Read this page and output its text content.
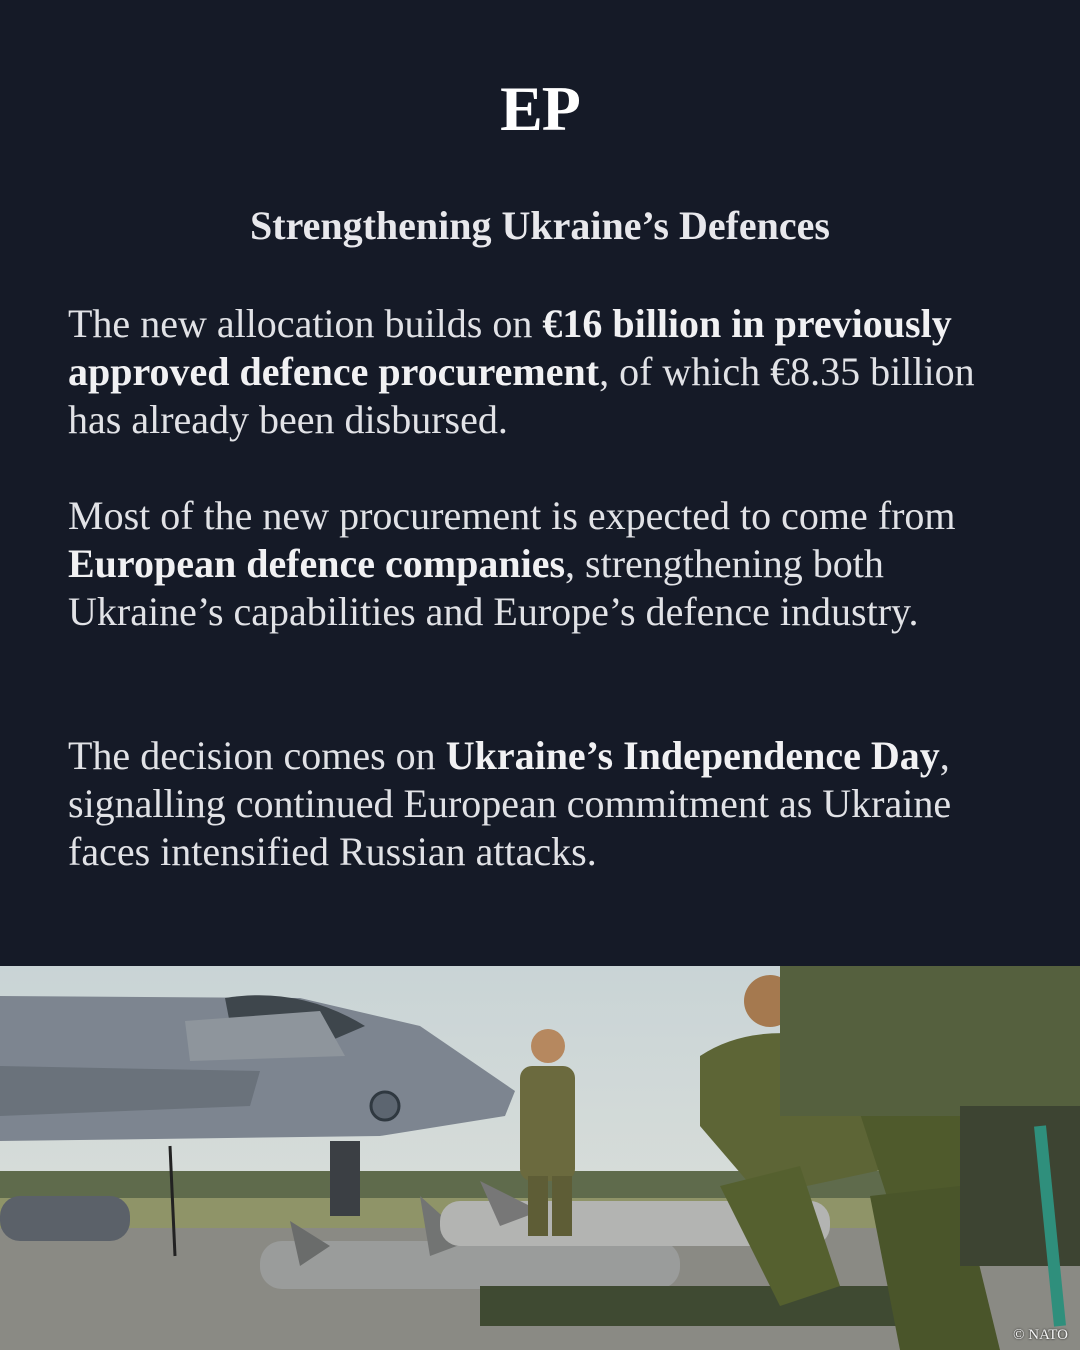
EP
Strengthening Ukraine’s Defences
The new allocation builds on €16 billion in previously approved defence procurement, of which €8.35 billion has already been disbursed.
Most of the new procurement is expected to come from European defence companies, strengthening both Ukraine’s capabilities and Europe’s defence industry.
The decision comes on Ukraine’s Independence Day, signalling continued European commitment as Ukraine faces intensified Russian attacks.
© NATO
